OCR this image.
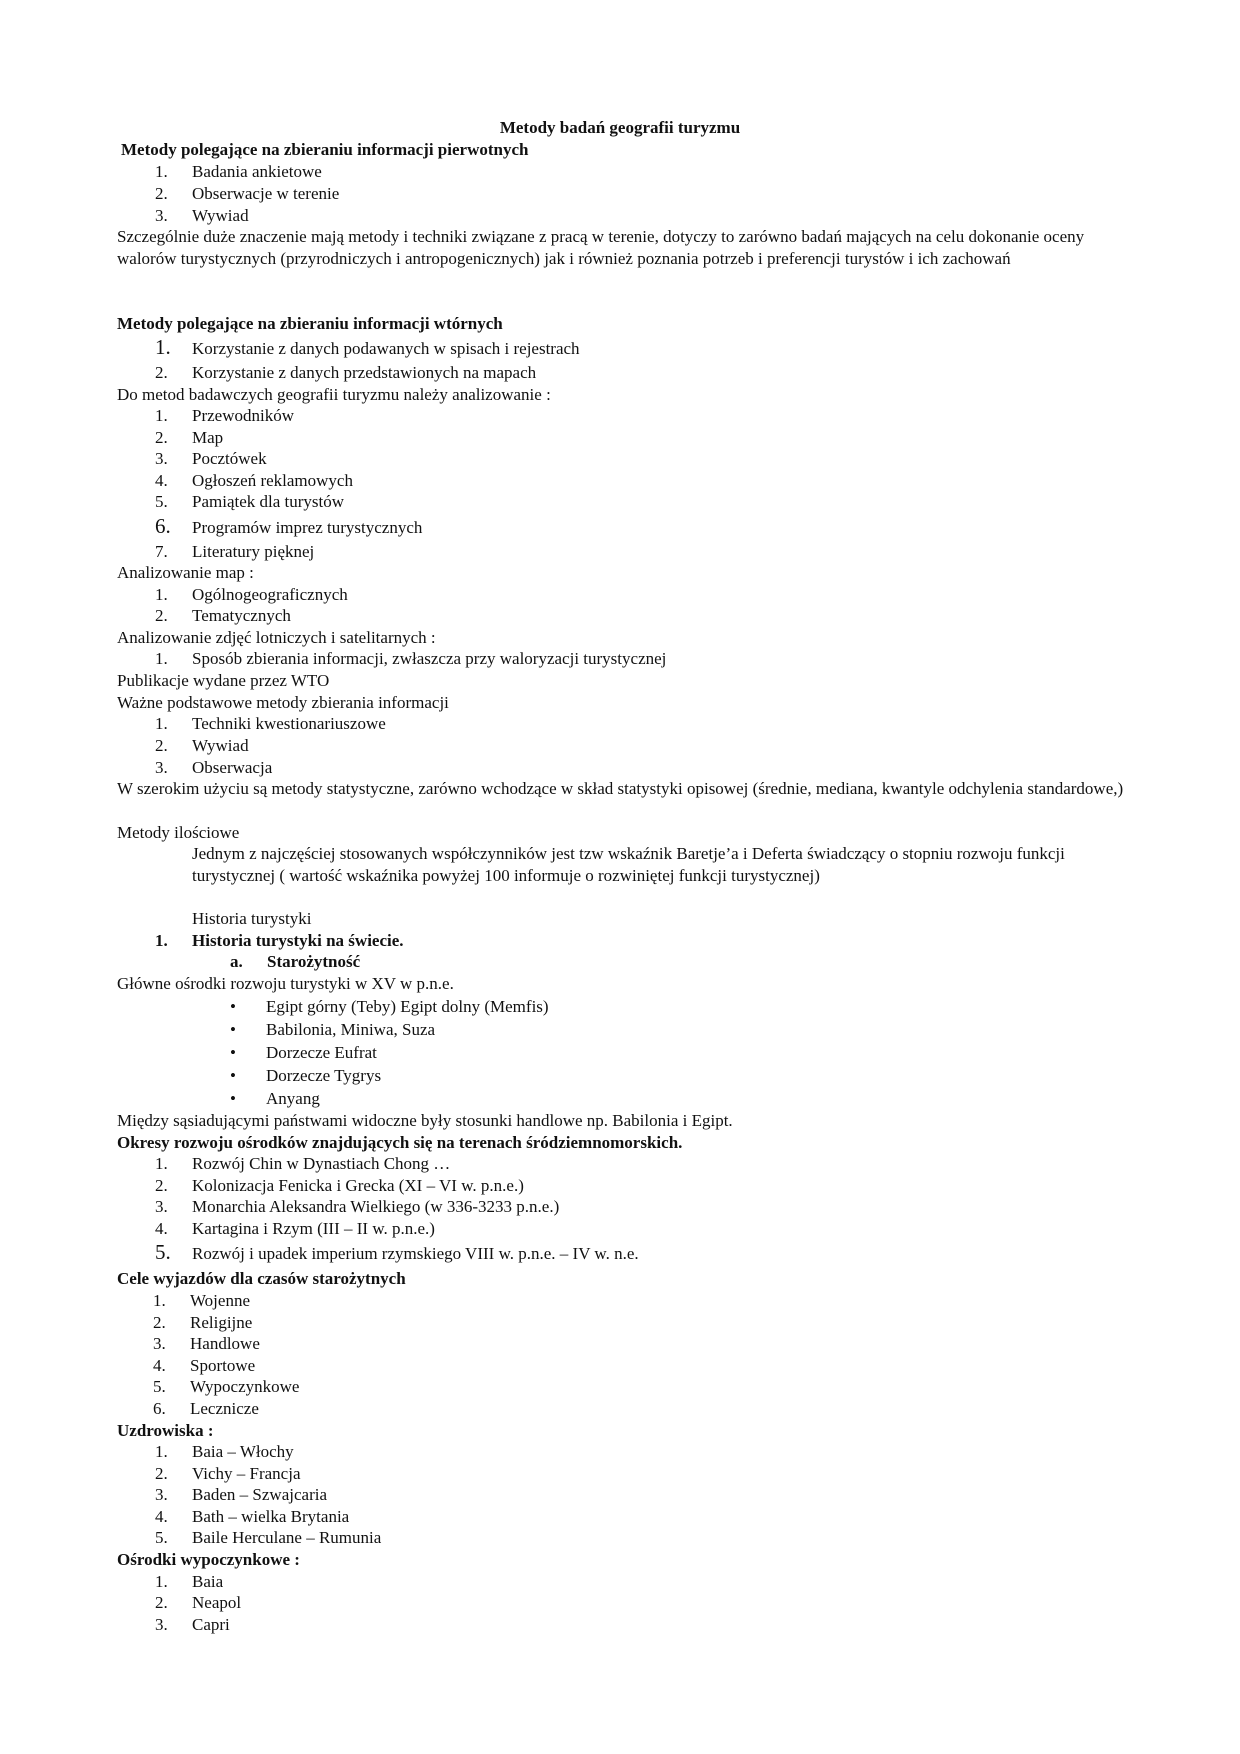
Metody badań geografii turyzmu
Metody polegające na zbieraniu informacji pierwotnych
1.	Badania ankietowe
2.	Obserwacje w terenie
3.	Wywiad
Szczególnie duże znaczenie mają metody i techniki związane z pracą w terenie, dotyczy to zarówno badań mających na celu dokonanie oceny walorów turystycznych (przyrodniczych i antropogenicznych) jak i również poznania potrzeb i preferencji turystów i ich zachowań
Metody polegające na zbieraniu informacji wtórnych
1.	Korzystanie z danych podawanych w spisach i rejestrach
2.	Korzystanie z danych przedstawionych na mapach
Do metod badawczych geografii turyzmu należy analizowanie :
1.	Przewodników
2.	Map
3.	Pocztówek
4.	Ogłoszeń reklamowych
5.	Pamiątek dla turystów
6.	Programów imprez turystycznych
7.	Literatury pięknej
Analizowanie map :
1.	Ogólnogeograficznych
2.	Tematycznych
Analizowanie zdjęć lotniczych i satelitarnych :
1.	Sposób zbierania informacji, zwłaszcza przy waloryzacji turystycznej
Publikacje wydane przez WTO
Ważne podstawowe metody zbierania informacji
1.	Techniki kwestionariuszowe
2.	Wywiad
3.	Obserwacja
W szerokim użyciu są metody statystyczne, zarówno wchodzące w skład statystyki opisowej (średnie, mediana, kwantyle odchylenia standardowe,)
Metody ilościowe
Jednym z najczęściej stosowanych współczynników jest tzw wskaźnik Baretje’a i Deferta świadczący o stopniu rozwoju funkcji turystycznej ( wartość wskaźnika powyżej 100 informuje o rozwiniętej funkcji turystycznej)
Historia turystyki
1.	Historia turystyki na świecie.
a.	Starożytność
Główne ośrodki rozwoju turystyki w XV w p.n.e.
• Egipt górny (Teby) Egipt dolny (Memfis)
• Babilonia, Miniwa, Suza
• Dorzecze Eufrat
• Dorzecze Tygrys
• Anyang
Między sąsiadującymi państwami widoczne były stosunki handlowe np. Babilonia i Egipt.
Okresy rozwoju ośrodków znajdujących się na terenach śródziemnomorskich.
1.	Rozwój Chin w Dynastiach Chong …
2.	Kolonizacja Fenicka i Grecka (XI – VI w. p.n.e.)
3.	Monarchia Aleksandra Wielkiego (w 336-3233 p.n.e.)
4.	Kartagina i Rzym (III – II w. p.n.e.)
5.	Rozwój i upadek imperium rzymskiego VIII w. p.n.e. – IV w. n.e.
Cele wyjazdów dla czasów starożytnych
1.	Wojenne
2.	Religijne
3.	Handlowe
4.	Sportowe
5.	Wypoczynkowe
6.	Lecznicze
Uzdrowiska :
1.	Baia – Włochy
2.	Vichy – Francja
3.	Baden – Szwajcaria
4.	Bath – wielka Brytania
5.	Baile Herculane – Rumunia
Ośrodki wypoczynkowe :
1.	Baia
2.	Neapol
3.	Capri
